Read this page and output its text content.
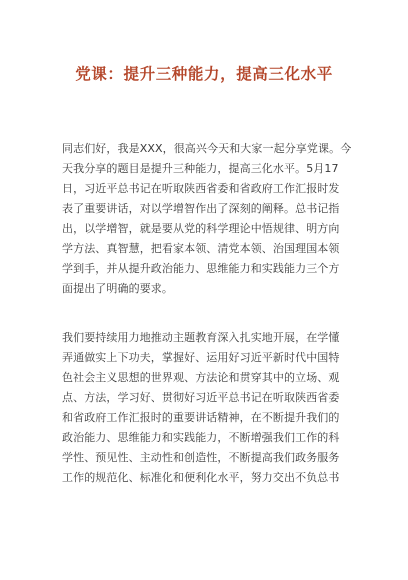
党课：提升三种能力，提高三化水平
同志们好，我是XXX，很高兴今天和大家一起分享党课。今
天我分享的题目是提升三种能力，提高三化水平。5月17
日，习近平总书记在听取陕西省委和省政府工作汇报时发
表了重要讲话，对以学增智作出了深刻的阐释。总书记指
出，以学增智，就是要从党的科学理论中悟规律、明方向
学方法、真智慧，把看家本领、清党本领、治国理国本领
学到手，并从提升政治能力、思维能力和实践能力三个方
面提出了明确的要求。
我们要持续用力地推动主题教育深入扎实地开展，在学懂
弄通做实上下功夫，掌握好、运用好习近平新时代中国特
色社会主义思想的世界观、方法论和贯穿其中的立场、观
点、方法，学习好、贯彻好习近平总书记在听取陕西省委
和省政府工作汇报时的重要讲话精神，在不断提升我们的
政治能力、思维能力和实践能力，不断增强我们工作的科
学性、预见性、主动性和创造性，不断提高我们政务服务
工作的规范化、标准化和便利化水平，努力交出不负总书
